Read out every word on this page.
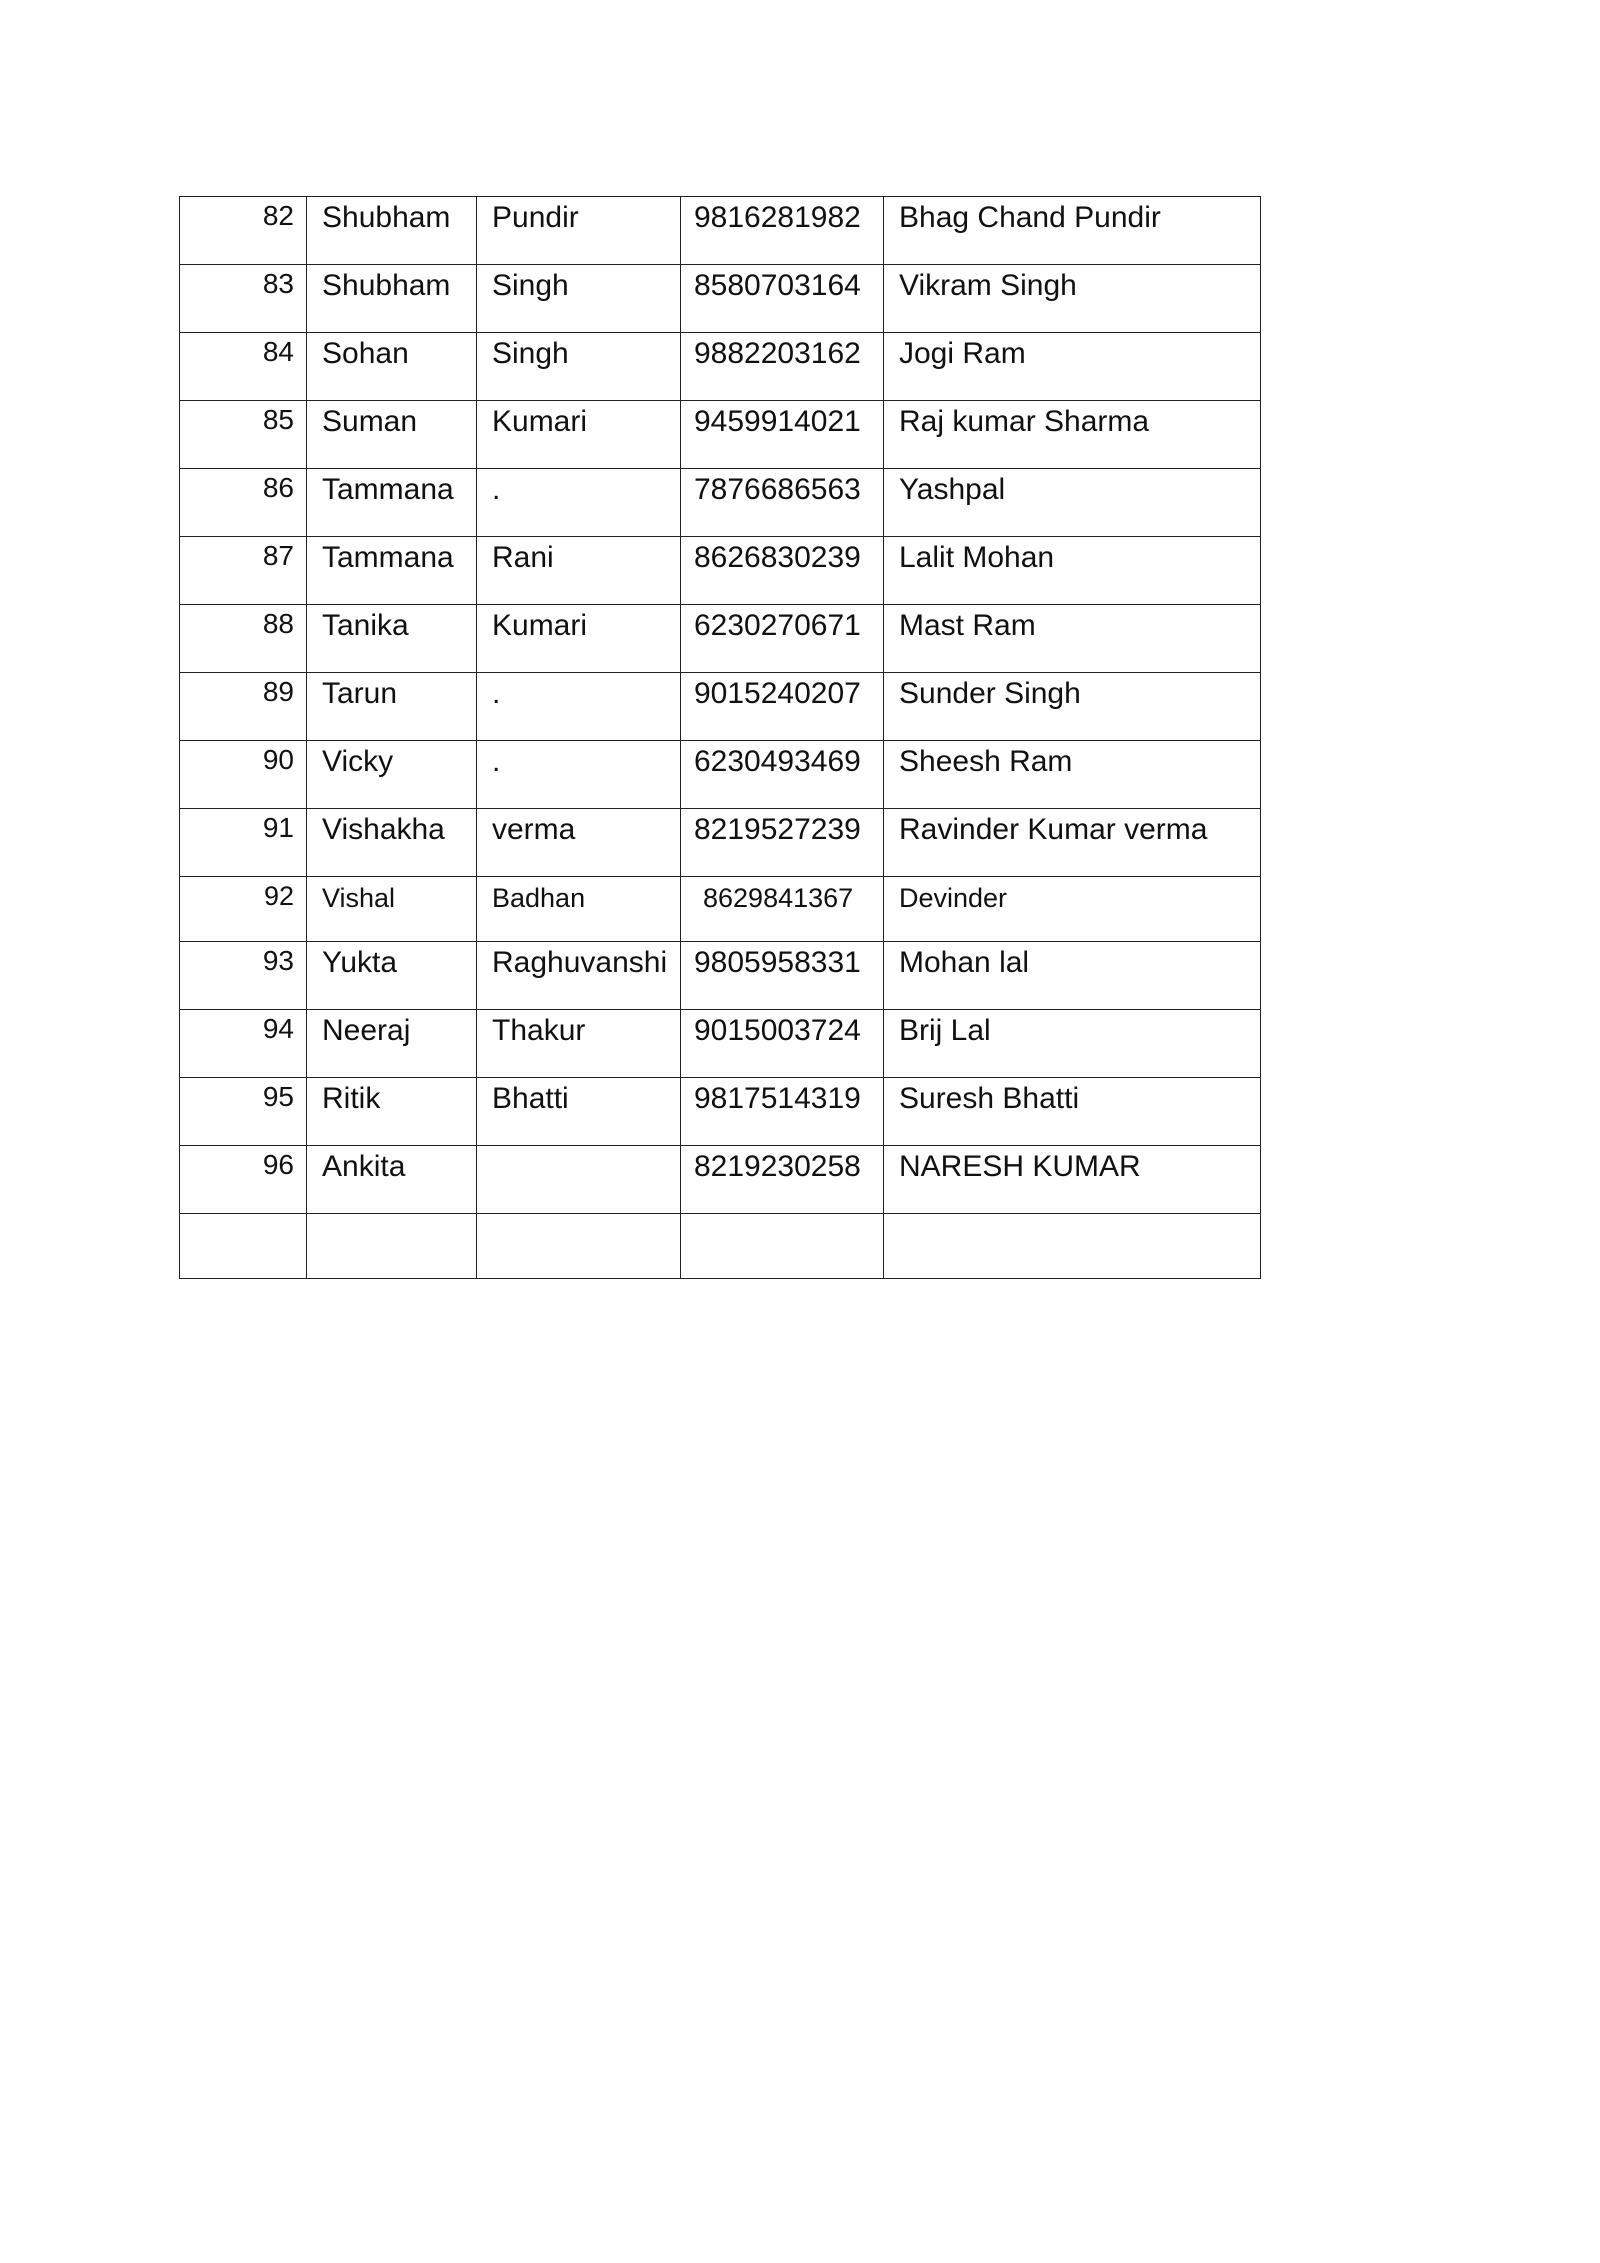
82	Shubham	Pundir	9816281982	Bhag Chand Pundir
83	Shubham	Singh	8580703164	Vikram Singh
84	Sohan	Singh	9882203162	Jogi Ram
85	Suman	Kumari	9459914021	Raj kumar Sharma
86	Tammana	.	7876686563	Yashpal
87	Tammana	Rani	8626830239	Lalit Mohan
88	Tanika	Kumari	6230270671	Mast Ram
89	Tarun	.	9015240207	Sunder Singh
90	Vicky	.	6230493469	Sheesh Ram
91	Vishakha	verma	8219527239	Ravinder Kumar verma
92	Vishal	Badhan	8629841367	Devinder
93	Yukta	Raghuvanshi	9805958331	Mohan lal
94	Neeraj	Thakur	9015003724	Brij Lal
95	Ritik	Bhatti	9817514319	Suresh Bhatti
96	Ankita		8219230258	NARESH KUMAR
